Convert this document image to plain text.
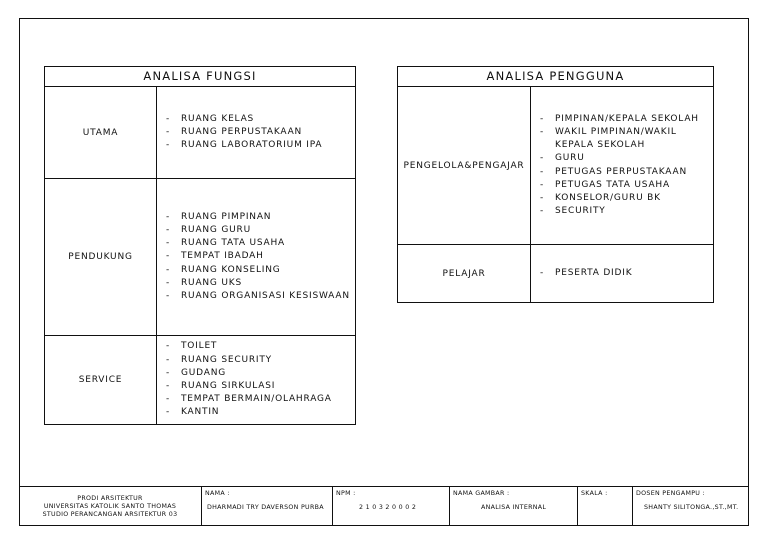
ANALISA FUNGSI
UTAMA
-	RUANG KELAS
-	RUANG PERPUSTAKAAN
-	RUANG LABORATORIUM IPA
PENDUKUNG
-	RUANG PIMPINAN
-	RUANG GURU
-	RUANG TATA USAHA
-	TEMPAT IBADAH
-	RUANG KONSELING
-	RUANG UKS
-	RUANG ORGANISASI KESISWAAN
SERVICE
-	TOILET
-	RUANG SECURITY
-	GUDANG
-	RUANG SIRKULASI
-	TEMPAT BERMAIN/OLAHRAGA
-	KANTIN
ANALISA PENGGUNA
PENGELOLA&PENGAJAR
-	PIMPINAN/KEPALA SEKOLAH
-	WAKIL PIMPINAN/WAKIL
KEPALA SEKOLAH
-	GURU
-	PETUGAS PERPUSTAKAAN
-	PETUGAS TATA USAHA
-	KONSELOR/GURU BK
-	SECURITY
PELAJAR	-	PESERTA DIDIK
PRODI ARSITEKTUR
UNIVERSITAS KATOLIK SANTO THOMAS
STUDIO PERANCANGAN ARSITEKTUR 03
NAMA :
DHARMADI TRY DAVERSON PURBA
NPM :
2 1 0 3 2 0 0 0 2
NAMA GAMBAR :
ANALISA INTERNAL
SKALA :	DOSEN PENGAMPU :
SHANTY SILITONGA.,ST.,MT.
